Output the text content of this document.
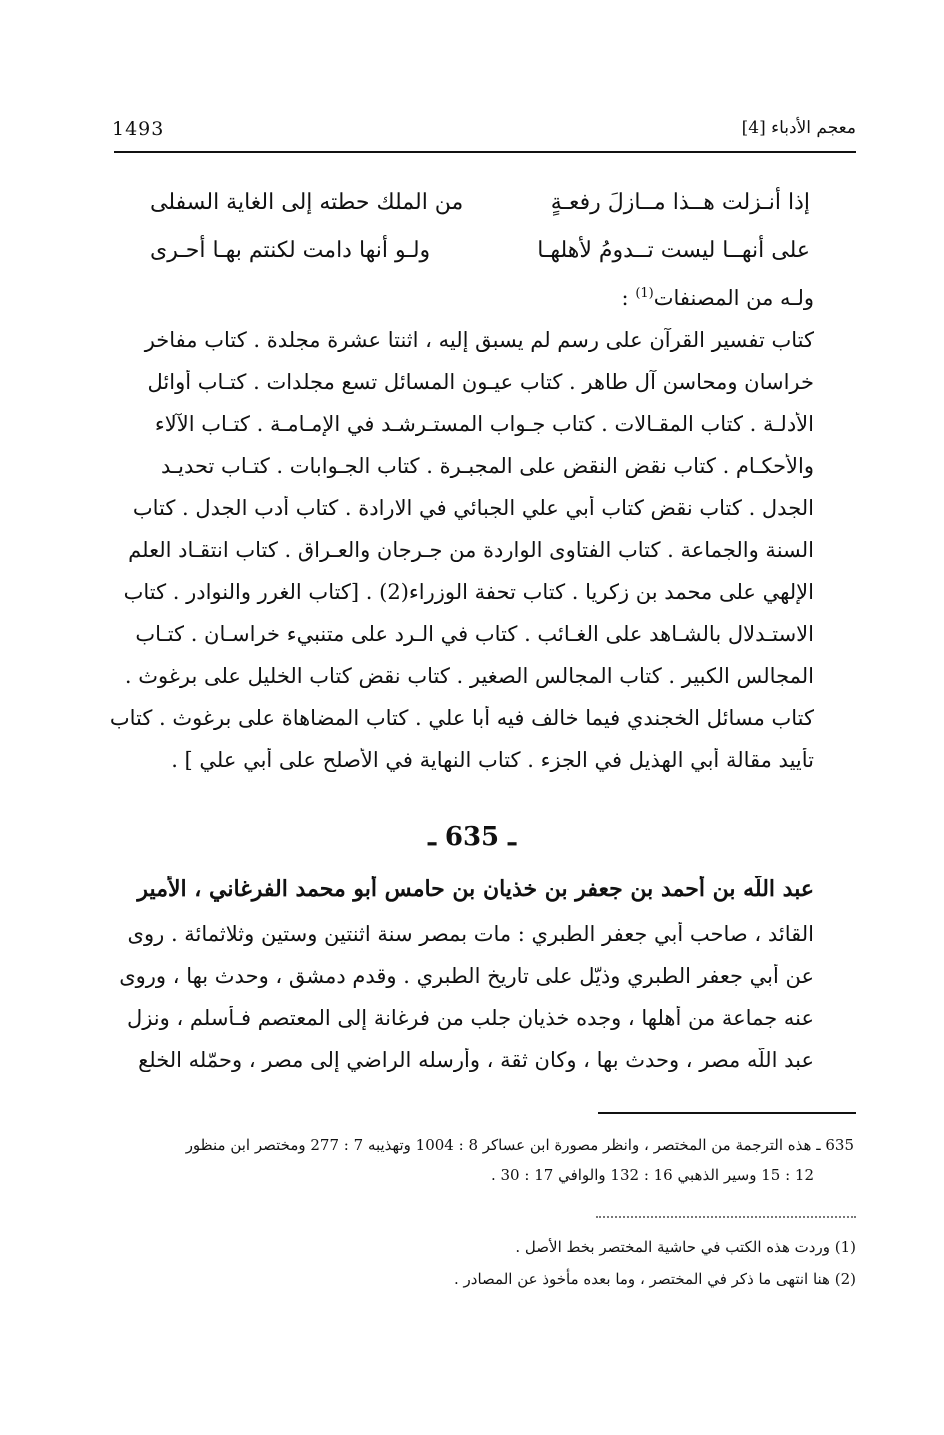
معجم الأدباء [4]
1493
إذا أنـزلت هــذا مــازلَ رفعـةٍ
من الملك حطته إلى الغاية السفلى
على أنهــا ليست تــدومُ لأهلهـا
ولـو أنها دامت لكنتم بهـا أحـرى
ولـه من المصنفات$^{(1)}$ :
كتاب تفسير القرآن على رسم لم يسبق إليه ، اثنتا عشرة مجلدة . كتاب مفاخر
خراسان ومحاسن آل طاهر . كتاب عيـون المسائل تسع مجلدات . كتـاب أوائل
الأدلـة . كتاب المقـالات . كتاب جـواب المستـرشـد في الإمـامـة . كتـاب الآلاء
والأحكـام . كتاب نقض النقض على المجبـرة . كتاب الجـوابات . كتـاب تحديـد
الجدل . كتاب نقض كتاب أبي علي الجبائي في الارادة . كتاب أدب الجدل . كتاب
السنة والجماعة . كتاب الفتاوى الواردة من جـرجان والعـراق . كتاب انتقـاد العلم
الإلهي على محمد بن زكريا . كتاب تحفة الوزراء(2) . [كتاب الغرر والنوادر . كتاب
الاستـدلال بالشـاهد على الغـائب . كتاب في الـرد على متنبيء خراسـان . كتـاب
المجالس الكبير . كتاب المجالس الصغير . كتاب نقض كتاب الخليل على برغوث .
كتاب مسائل الخجندي فيما خالف فيه أبا علي . كتاب المضاهاة على برغوث . كتاب
تأييد مقالة أبي الهذيل في الجزء . كتاب النهاية في الأصلح على أبي علي ] .
ـ 635 ـ
عبد اللّه بن أحمد بن جعفر بن خذيان بن حامس أبو محمد الفرغاني ، الأمير
القائد ، صاحب أبي جعفر الطبري : مات بمصر سنة اثنتين وستين وثلاثمائة . روى
عن أبي جعفر الطبري وذيّل على تاريخ الطبري . وقدم دمشق ، وحدث بها ، وروى
عنه جماعة من أهلها ، وجده خذيان جلب من فرغانة إلى المعتصم فـأسلم ، ونزل
عبد اللّه مصر ، وحدث بها ، وكان ثقة ، وأرسله الراضي إلى مصر ، وحمّله الخلع
635 ـ هذه الترجمة من المختصر ، وانظر مصورة ابن عساكر 8 : 1004 وتهذيبه 7 : 277 ومختصر ابن منظور
12 : 15 وسير الذهبي 16 : 132 والوافي 17 : 30 .
(1) وردت هذه الكتب في حاشية المختصر بخط الأصل .
(2) هنا انتهى ما ذكر في المختصر ، وما بعده مأخوذ عن المصادر .
